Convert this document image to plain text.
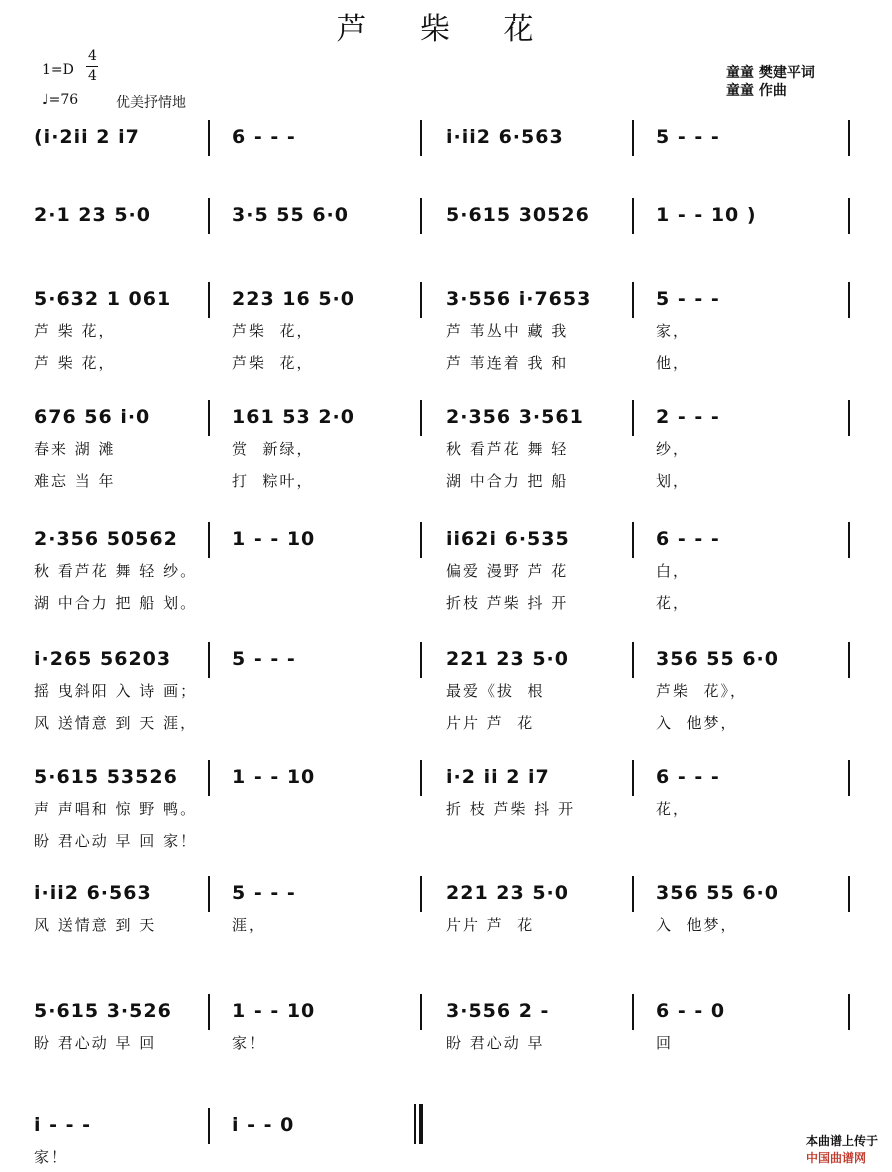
芦 柴 花
1=D
4
4
♩=76	优美抒情地
童童 樊建平词
童童 作曲
(i·2ii 2 i7	6 - - -	i·ii2 6·563	5 - - -
2·1 23 5·0	3·5 55 6·0	5·615 30526	1 - - 10 )
5·632 1 061	223 16 5·0	3·556 i·7653	5 - - -
芦 柴 花，	芦柴  花，	芦 苇丛中 藏 我	家，
芦 柴 花，	芦柴  花，	芦 苇连着 我 和	他，
676 56 i·0	161 53 2·0	2·356 3·561	2 - - -
春来 湖 滩	赏  新绿，	秋 看芦花 舞 轻	纱，
难忘 当 年	打  粽叶，	湖 中合力 把 船	划，
2·356 50562	1 - - 10	ii62i 6·535	6 - - -
秋 看芦花 舞 轻 纱。	偏爱 漫野 芦 花	白，
湖 中合力 把 船 划。	折枝 芦柴 抖 开	花，
i·265 56203	5 - - -	221 23 5·0	356 55 6·0
摇 曳斜阳 入 诗 画；	最爱《拔  根	芦柴  花》，
风 送情意 到 天 涯，	片片 芦  花	入  他梦，
5·615 53526	1 - - 10	i·2 ii 2 i7	6 - - -
声 声唱和 惊 野 鸭。	折 枝 芦柴 抖 开	花，
盼 君心动 早 回 家！
i·ii2 6·563	5 - - -	221 23 5·0	356 55 6·0
风 送情意 到 天	涯，	片片 芦  花	入  他梦，
5·615 3·526	1 - - 10	3·556 2 -	6 - - 0
盼 君心动 早 回	家！	盼 君心动 早	回
i - - -	i - - 0
家！

本曲谱上传于
中国曲谱网
